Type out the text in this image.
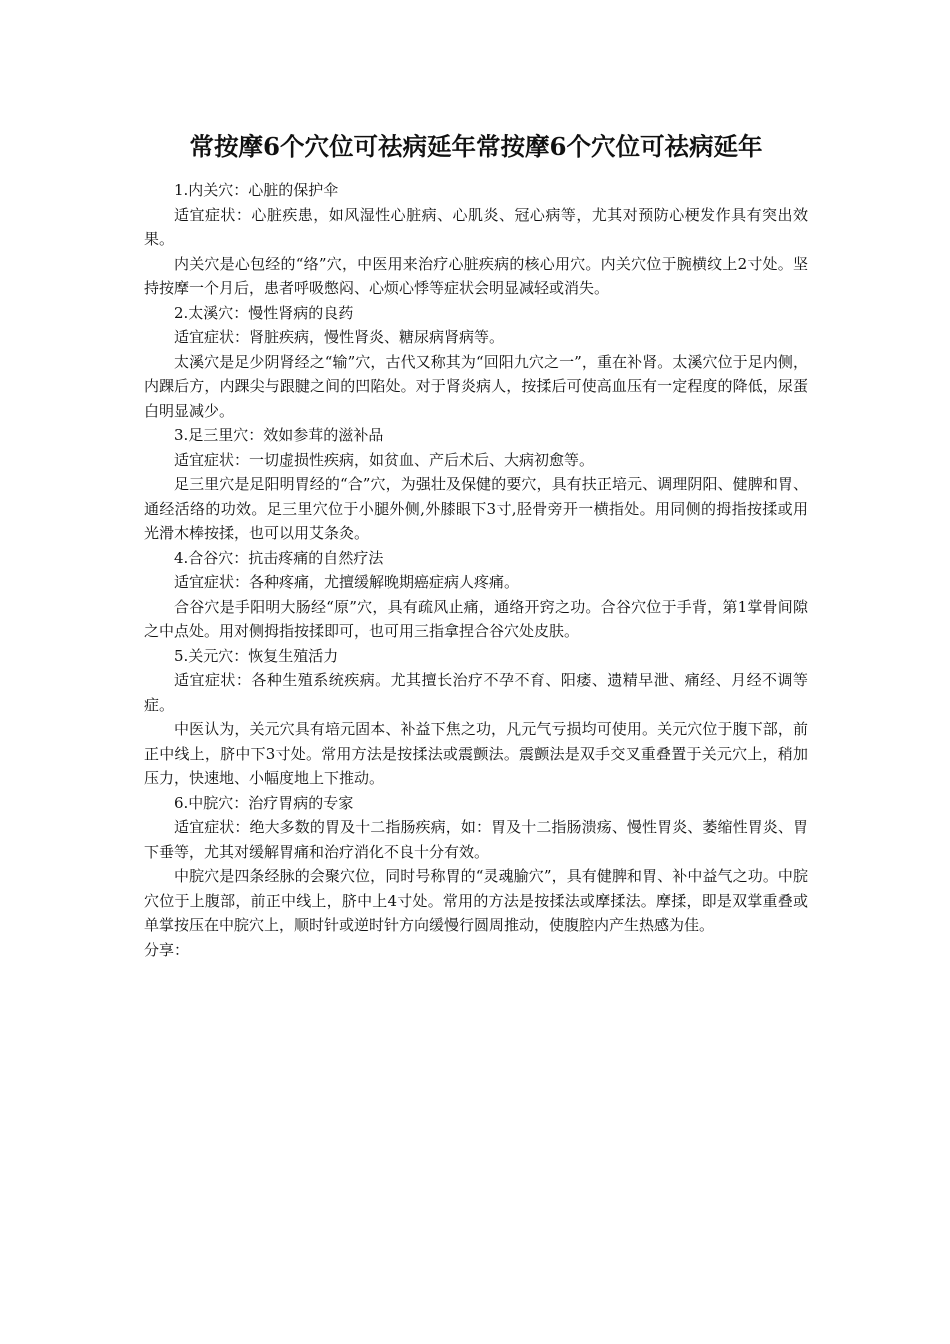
常按摩6个穴位可祛病延年常按摩6个穴位可祛病延年

1.内关穴：心脏的保护伞

适宜症状：心脏疾患，如风湿性心脏病、心肌炎、冠心病等，尤其对预防心梗发作具有突出效果。

内关穴是心包经的“络”穴，中医用来治疗心脏疾病的核心用穴。内关穴位于腕横纹上2寸处。坚持按摩一个月后，患者呼吸憋闷、心烦心悸等症状会明显减轻或消失。

2.太溪穴：慢性肾病的良药

适宜症状：肾脏疾病，慢性肾炎、糖尿病肾病等。

太溪穴是足少阴肾经之“输”穴，古代又称其为“回阳九穴之一”，重在补肾。太溪穴位于足内侧，内踝后方，内踝尖与跟腱之间的凹陷处。对于肾炎病人，按揉后可使高血压有一定程度的降低，尿蛋白明显减少。

3.足三里穴：效如参茸的滋补品

适宜症状：一切虚损性疾病，如贫血、产后术后、大病初愈等。

足三里穴是足阳明胃经的“合”穴，为强壮及保健的要穴，具有扶正培元、调理阴阳、健脾和胃、通经活络的功效。足三里穴位于小腿外侧,外膝眼下3寸,胫骨旁开一横指处。用同侧的拇指按揉或用光滑木棒按揉，也可以用艾条灸。

4.合谷穴：抗击疼痛的自然疗法

适宜症状：各种疼痛，尤擅缓解晚期癌症病人疼痛。

合谷穴是手阳明大肠经“原”穴，具有疏风止痛，通络开窍之功。合谷穴位于手背，第1掌骨间隙之中点处。用对侧拇指按揉即可，也可用三指拿捏合谷穴处皮肤。

5.关元穴：恢复生殖活力

适宜症状：各种生殖系统疾病。尤其擅长治疗不孕不育、阳痿、遗精早泄、痛经、月经不调等症。

中医认为，关元穴具有培元固本、补益下焦之功，凡元气亏损均可使用。关元穴位于腹下部，前正中线上，脐中下3寸处。常用方法是按揉法或震颤法。震颤法是双手交叉重叠置于关元穴上，稍加压力，快速地、小幅度地上下推动。

6.中脘穴：治疗胃病的专家

适宜症状：绝大多数的胃及十二指肠疾病，如：胃及十二指肠溃疡、慢性胃炎、萎缩性胃炎、胃下垂等，尤其对缓解胃痛和治疗消化不良十分有效。

中脘穴是四条经脉的会聚穴位，同时号称胃的“灵魂腧穴”，具有健脾和胃、补中益气之功。中脘穴位于上腹部，前正中线上，脐中上4寸处。常用的方法是按揉法或摩揉法。摩揉，即是双掌重叠或单掌按压在中脘穴上，顺时针或逆时针方向缓慢行圆周推动，使腹腔内产生热感为佳。

分享：
